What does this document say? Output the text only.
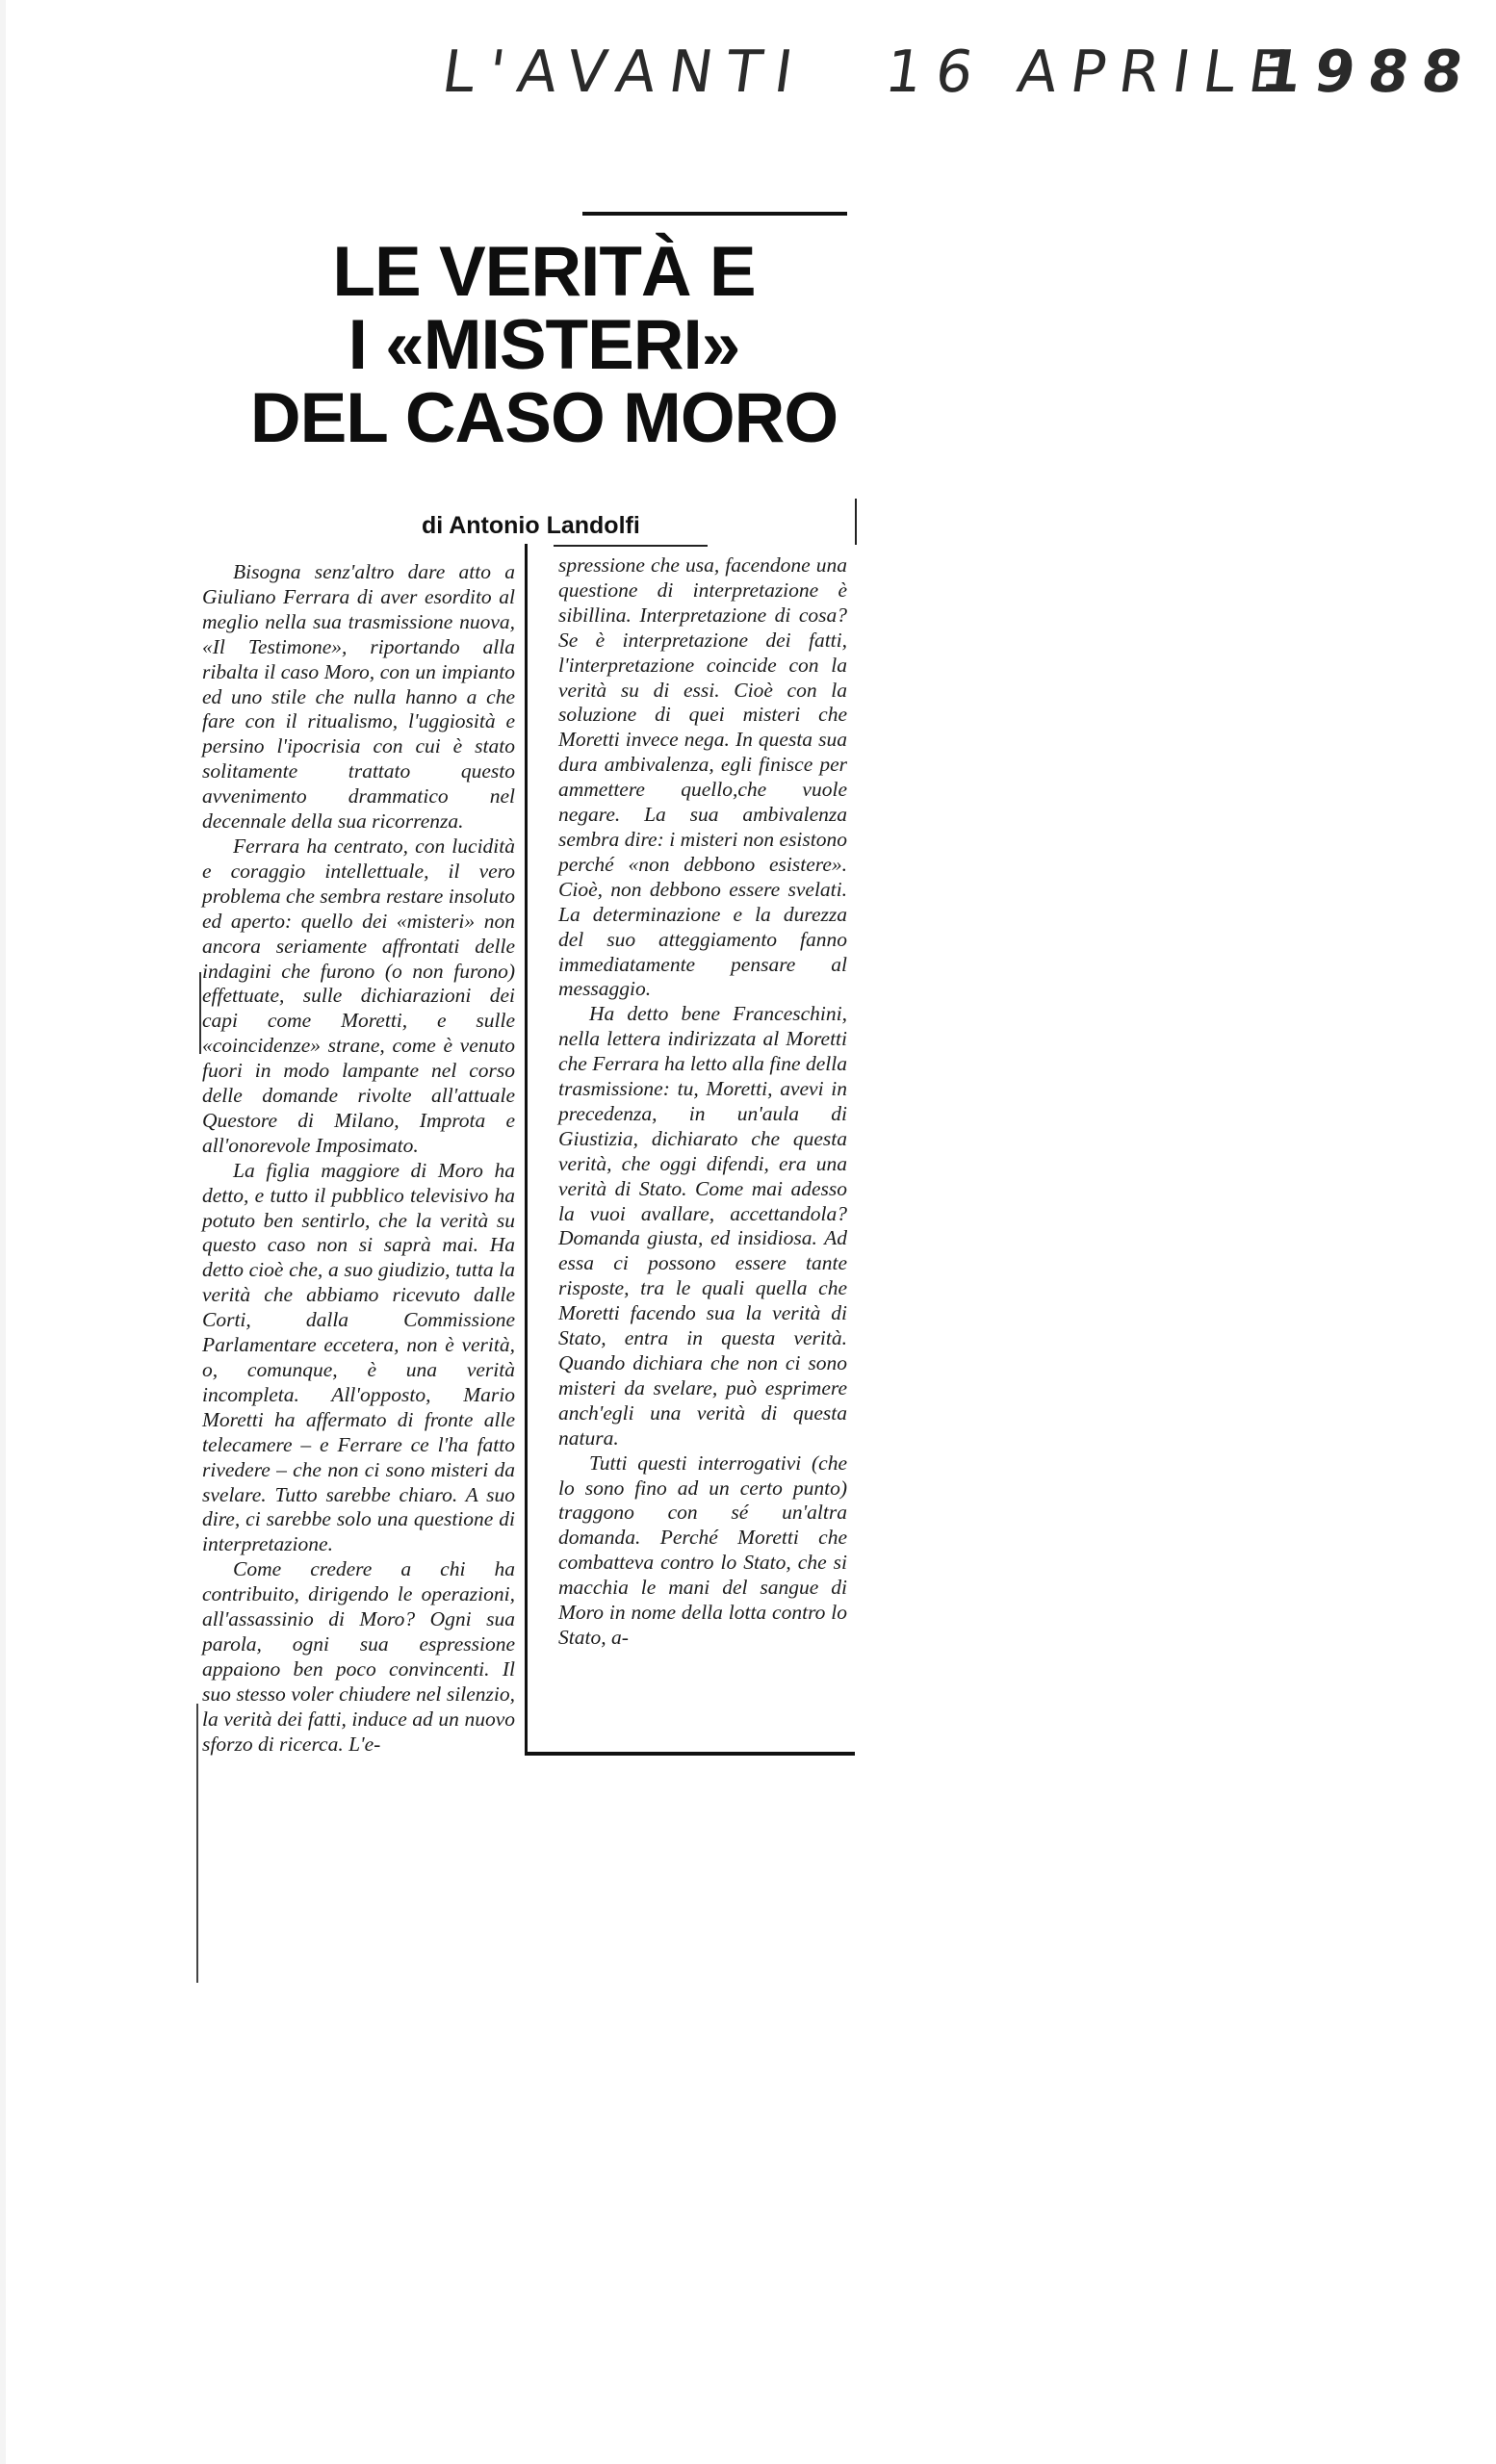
L'AVANTI 16 APRILE
1988
LE VERITÀ E
I «MISTERI»
DEL CASO MORO
di Antonio Landolfi

Bisogna senz'altro dare atto a Giuliano Ferrara di aver esordito al meglio nella sua trasmissione nuova, «Il Testimone», riportando alla ribalta il caso Moro, con un impianto ed uno stile che nulla hanno a che fare con il ritualismo, l'uggiosità e persino l'ipocrisia con cui è stato solitamente trattato questo avvenimento drammatico nel decennale della sua ricorrenza.

Ferrara ha centrato, con lucidità e coraggio intellettuale, il vero problema che sembra restare insoluto ed aperto: quello dei «misteri» non ancora seriamente affrontati delle indagini che furono (o non furono) effettuate, sulle dichiarazioni dei capi come Moretti, e sulle «coincidenze» strane, come è venuto fuori in modo lampante nel corso delle domande rivolte all'attuale Questore di Milano, Improta e all'onorevole Imposimato.

La figlia maggiore di Moro ha detto, e tutto il pubblico televisivo ha potuto ben sentirlo, che la verità su questo caso non si saprà mai. Ha detto cioè che, a suo giudizio, tutta la verità che abbiamo ricevuto dalle Corti, dalla Commissione Parlamentare eccetera, non è verità, o, comunque, è una verità incompleta. All'opposto, Mario Moretti ha affermato di fronte alle telecamere – e Ferrare ce l'ha fatto rivedere – che non ci sono misteri da svelare. Tutto sarebbe chiaro. A suo dire, ci sarebbe solo una questione di interpretazione.

Come credere a chi ha contribuito, dirigendo le operazioni, all'assassinio di Moro? Ogni sua parola, ogni sua espressione appaiono ben poco convincenti. Il suo stesso voler chiudere nel silenzio, la verità dei fatti, induce ad un nuovo sforzo di ricerca. L'e-

spressione che usa, facendone una questione di interpretazione è sibillina. Interpretazione di cosa? Se è interpretazione dei fatti, l'interpretazione coincide con la verità su di essi. Cioè con la soluzione di quei misteri che Moretti invece nega. In questa sua dura ambivalenza, egli finisce per ammettere quello,che vuole negare. La sua ambivalenza sembra dire: i misteri non esistono perché «non debbono esistere». Cioè, non debbono essere svelati. La determinazione e la durezza del suo atteggiamento fanno immediatamente pensare al messaggio.

Ha detto bene Franceschini, nella lettera indirizzata al Moretti che Ferrara ha letto alla fine della trasmissione: tu, Moretti, avevi in precedenza, in un'aula di Giustizia, dichiarato che questa verità, che oggi difendi, era una verità di Stato. Come mai adesso la vuoi avallare, accettandola? Domanda giusta, ed insidiosa. Ad essa ci possono essere tante risposte, tra le quali quella che Moretti facendo sua la verità di Stato, entra in questa verità. Quando dichiara che non ci sono misteri da svelare, può esprimere anch'egli una verità di questa natura.

Tutti questi interrogativi (che lo sono fino ad un certo punto) traggono con sé un'altra domanda. Perché Moretti che combatteva contro lo Stato, che si macchia le mani del sangue di Moro in nome della lotta contro lo Stato, a-
